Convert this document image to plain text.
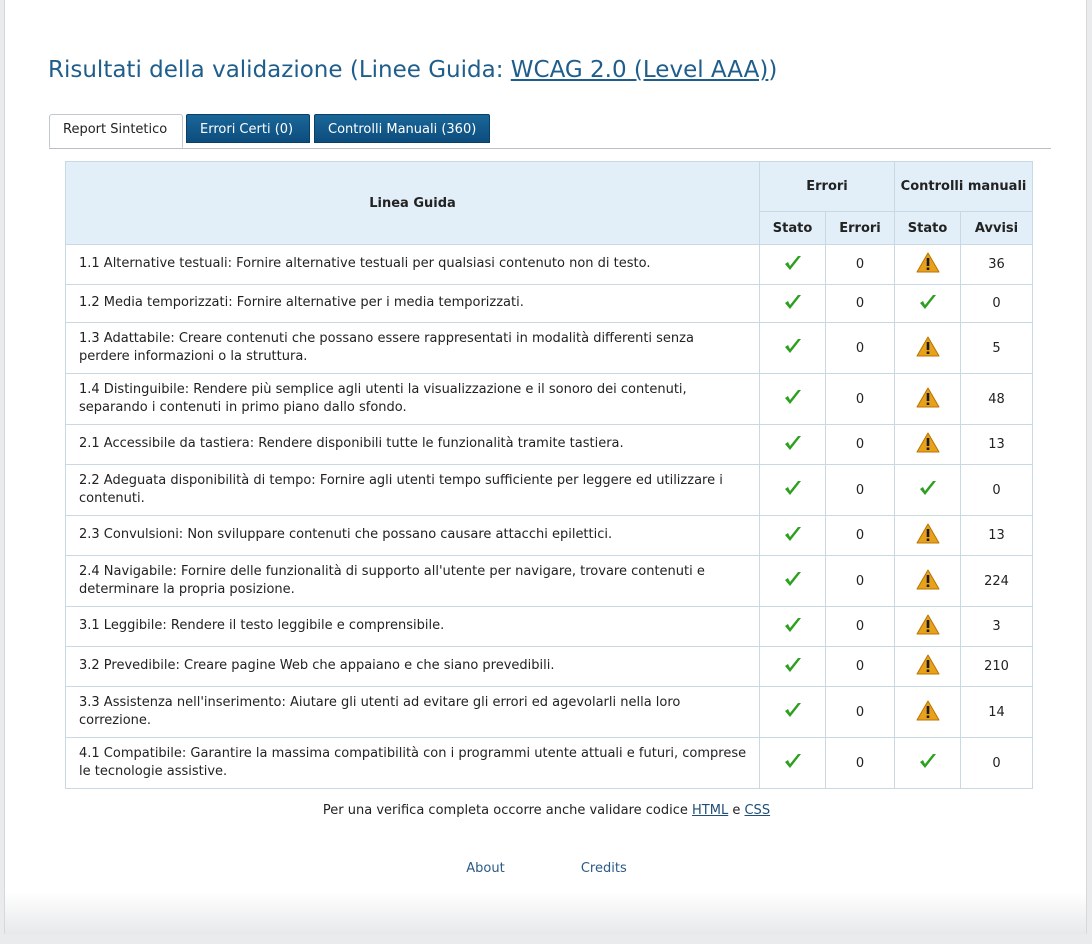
Risultati della validazione (Linee Guida: WCAG 2.0 (Level AAA))
Report Sintetico	Errori Certi (0)	Controlli Manuali (360)
Linea Guida	Errori		Controlli manuali	
	Stato	Errori	Stato	Avvisi
1.1 Alternative testuali: Fornire alternative testuali per qualsiasi contenuto non di testo.		0		36
1.2 Media temporizzati: Fornire alternative per i media temporizzati.		0		0
1.3 Adattabile: Creare contenuti che possano essere rappresentati in modalità differenti senza perdere informazioni o la struttura.		0		5
1.4 Distinguibile: Rendere più semplice agli utenti la visualizzazione e il sonoro dei contenuti, separando i contenuti in primo piano dallo sfondo.		0		48
2.1 Accessibile da tastiera: Rendere disponibili tutte le funzionalità tramite tastiera.		0		13
2.2 Adeguata disponibilità di tempo: Fornire agli utenti tempo sufficiente per leggere ed utilizzare i contenuti.		0		0
2.3 Convulsioni: Non sviluppare contenuti che possano causare attacchi epilettici.		0		13
2.4 Navigabile: Fornire delle funzionalità di supporto all'utente per navigare, trovare contenuti e determinare la propria posizione.		0		224
3.1 Leggibile: Rendere il testo leggibile e comprensibile.		0		3
3.2 Prevedibile: Creare pagine Web che appaiano e che siano prevedibili.		0		210
3.3 Assistenza nell'inserimento: Aiutare gli utenti ad evitare gli errori ed agevolarli nella loro correzione.		0		14
4.1 Compatibile: Garantire la massima compatibilità con i programmi utente attuali e futuri, comprese le tecnologie assistive.		0		0
Per una verifica completa occorre anche validare codice HTML e CSS
About	Credits
